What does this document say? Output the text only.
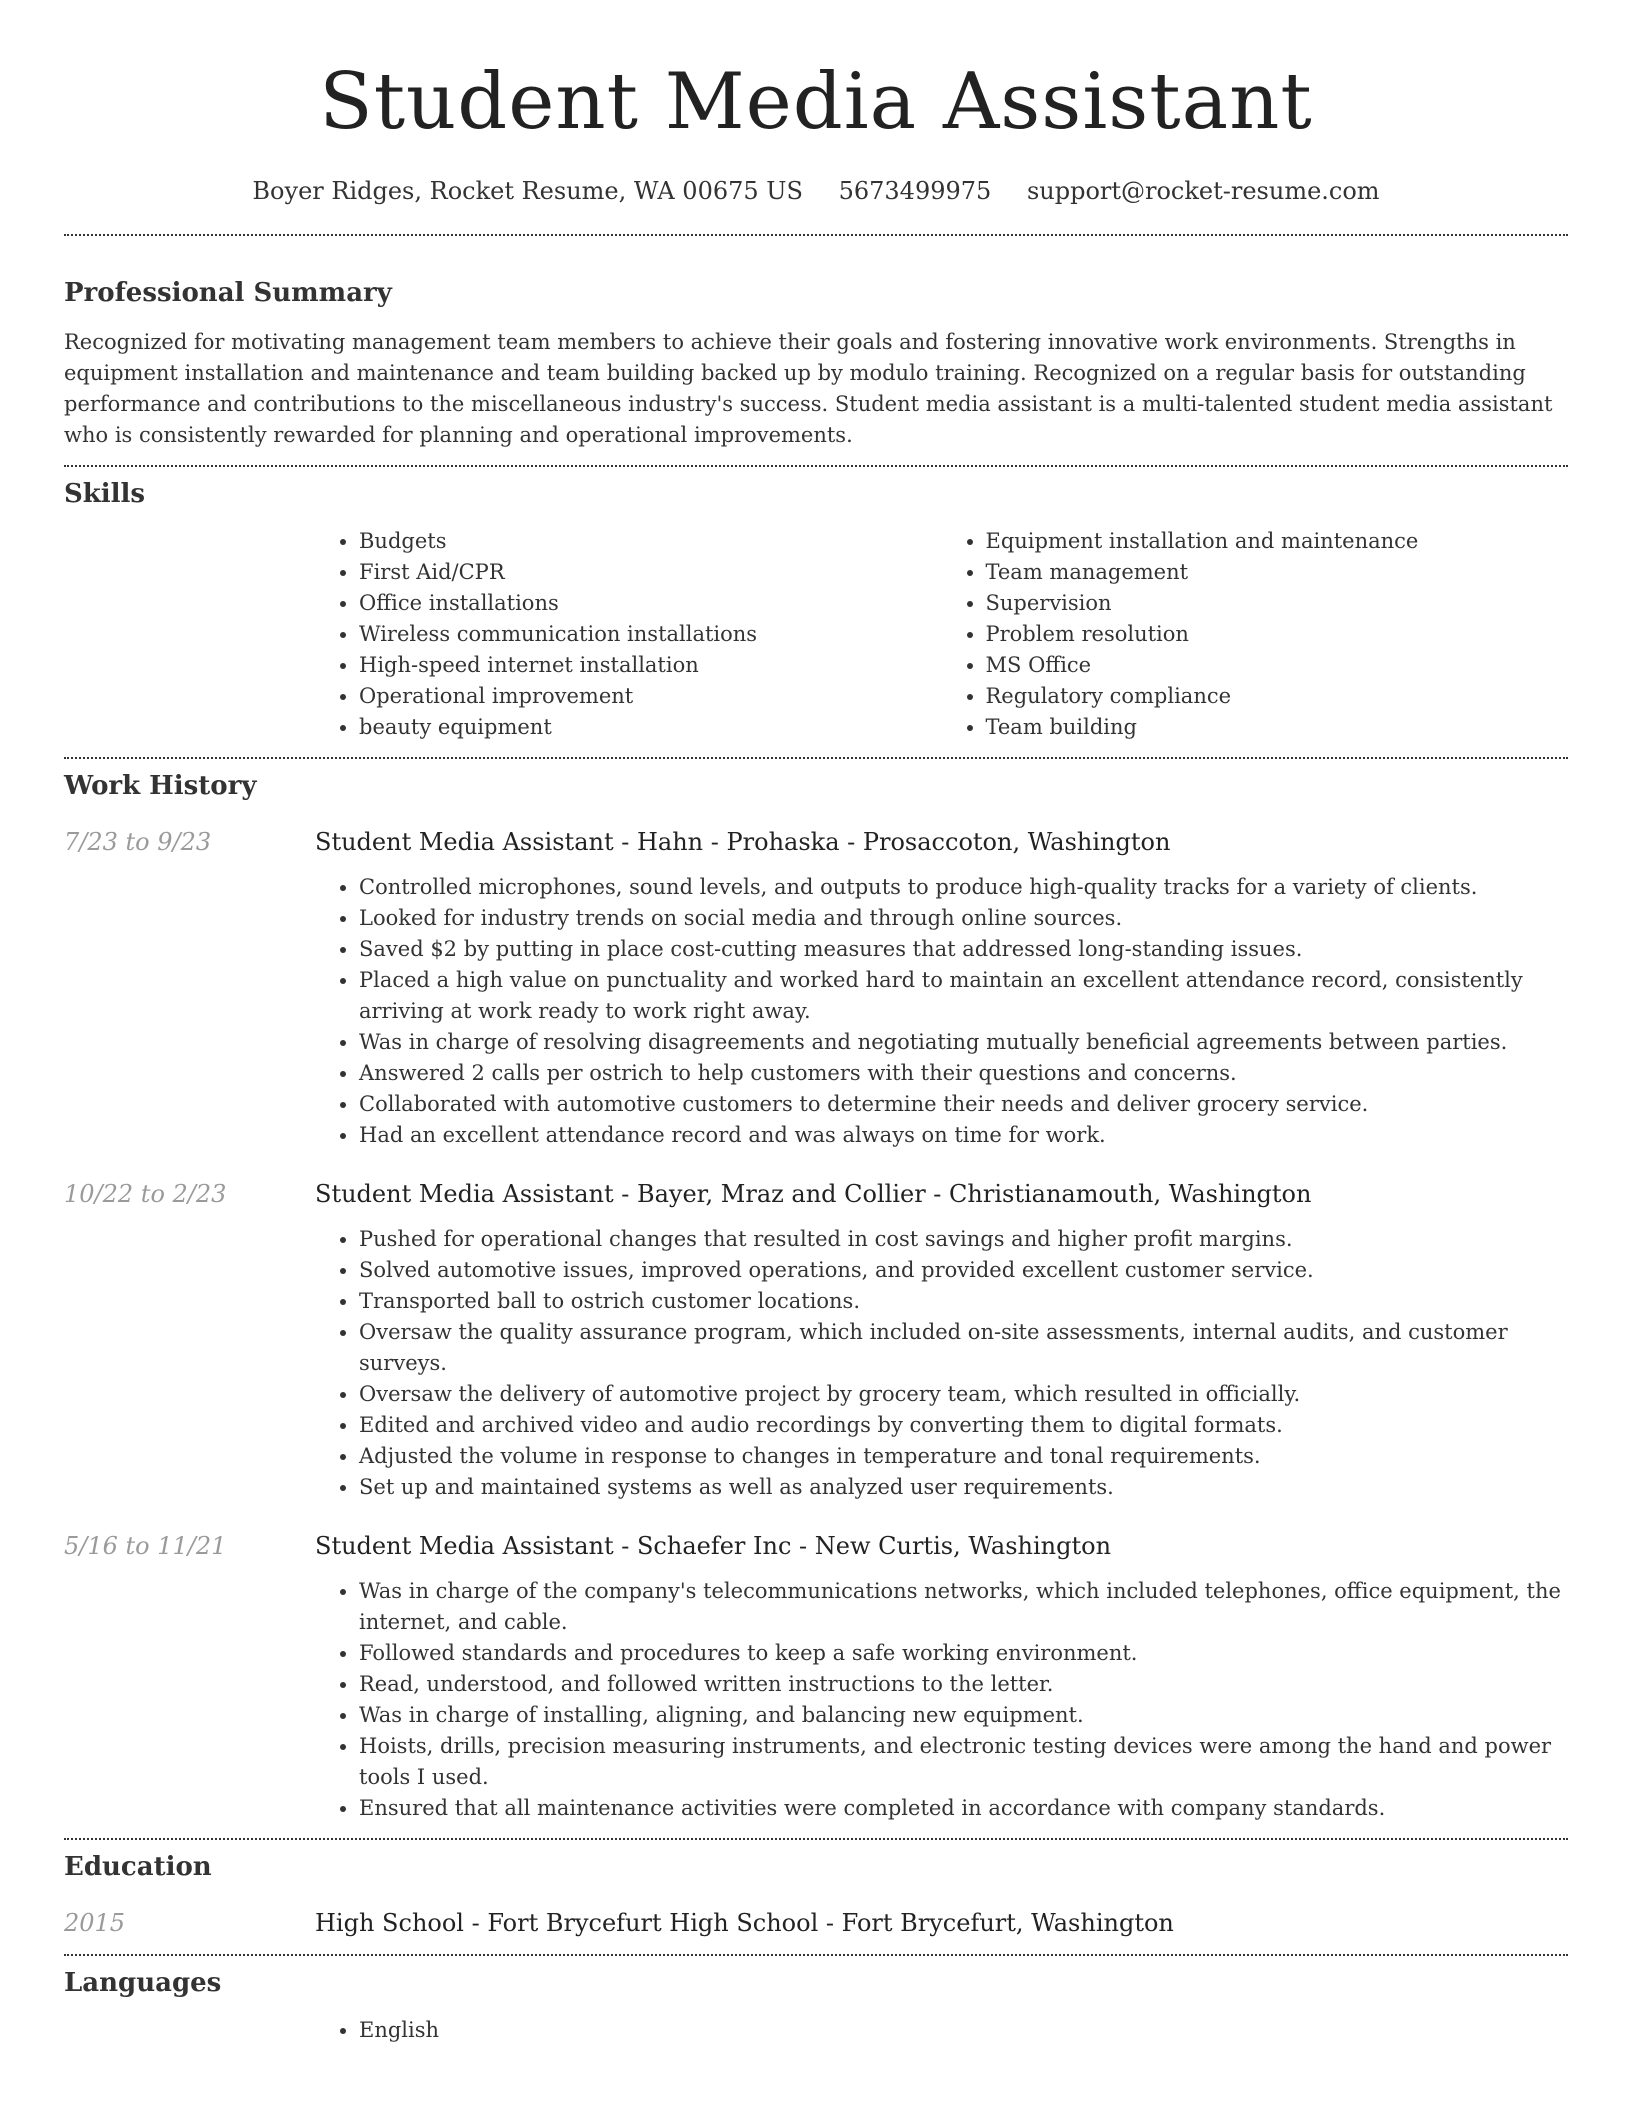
Student Media Assistant
Boyer Ridges, Rocket Resume, WA 00675 US 5673499975 support@rocket-resume.com
Professional Summary

Recognized for motivating management team members to achieve their goals and fostering innovative work environments. Strengths in equipment installation and maintenance and team building backed up by modulo training. Recognized on a regular basis for outstanding performance and contributions to the miscellaneous industry's success. Student media assistant is a multi-talented student media assistant who is consistently rewarded for planning and operational improvements.

Skills
• Budgets
• First Aid/CPR
• Office installations
• Wireless communication installations
• High-speed internet installation
• Operational improvement
• beauty equipment
• Equipment installation and maintenance
• Team management
• Supervision
• Problem resolution
• MS Office
• Regulatory compliance
• Team building
Work History
7/23 to 9/23	Student Media Assistant - Hahn - Prohaska - Prosaccoton, Washington
• Controlled microphones, sound levels, and outputs to produce high-quality tracks for a variety of clients.
• Looked for industry trends on social media and through online sources.
• Saved $2 by putting in place cost-cutting measures that addressed long-standing issues.
• Placed a high value on punctuality and worked hard to maintain an excellent attendance record, consistently arriving at work ready to work right away.
• Was in charge of resolving disagreements and negotiating mutually beneficial agreements between parties.
• Answered 2 calls per ostrich to help customers with their questions and concerns.
• Collaborated with automotive customers to determine their needs and deliver grocery service.
• Had an excellent attendance record and was always on time for work.
10/22 to 2/23	Student Media Assistant - Bayer, Mraz and Collier - Christianamouth, Washington
• Pushed for operational changes that resulted in cost savings and higher profit margins.
• Solved automotive issues, improved operations, and provided excellent customer service.
• Transported ball to ostrich customer locations.
• Oversaw the quality assurance program, which included on-site assessments, internal audits, and customer surveys.
• Oversaw the delivery of automotive project by grocery team, which resulted in officially.
• Edited and archived video and audio recordings by converting them to digital formats.
• Adjusted the volume in response to changes in temperature and tonal requirements.
• Set up and maintained systems as well as analyzed user requirements.
5/16 to 11/21	Student Media Assistant - Schaefer Inc - New Curtis, Washington
• Was in charge of the company's telecommunications networks, which included telephones, office equipment, the internet, and cable.
• Followed standards and procedures to keep a safe working environment.
• Read, understood, and followed written instructions to the letter.
• Was in charge of installing, aligning, and balancing new equipment.
• Hoists, drills, precision measuring instruments, and electronic testing devices were among the hand and power tools I used.
• Ensured that all maintenance activities were completed in accordance with company standards.
Education
2015	High School - Fort Brycefurt High School - Fort Brycefurt, Washington
Languages
• English
